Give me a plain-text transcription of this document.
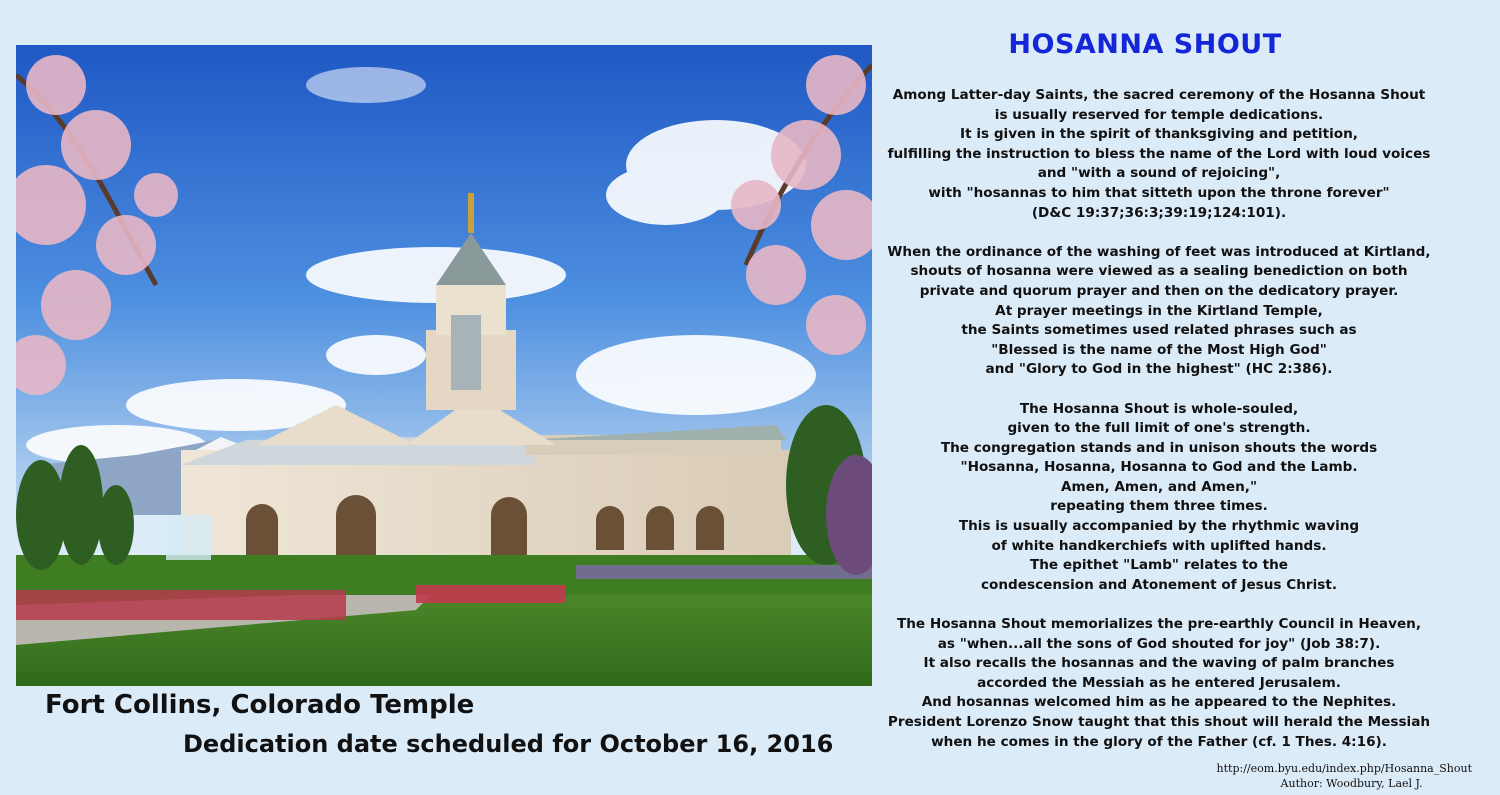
Fort Collins, Colorado Temple
Dedication date scheduled for October 16, 2016
HOSANNA SHOUT
Among Latter-day Saints, the sacred ceremony of the Hosanna Shout
is usually reserved for temple dedications.
It is given in the spirit of thanksgiving and petition,
fulfilling the instruction to bless the name of the Lord with loud voices
and "with a sound of rejoicing",
with "hosannas to him that sitteth upon the throne forever"
(D&C 19:37;36:3;39:19;124:101).
When the ordinance of the washing of feet was introduced at Kirtland,
shouts of hosanna were viewed as a sealing benediction on both
private and quorum prayer and then on the dedicatory prayer.
At prayer meetings in the Kirtland Temple,
the Saints sometimes used related phrases such as
"Blessed is the name of the Most High God"
and "Glory to God in the highest" (HC 2:386).
The Hosanna Shout is whole-souled,
given to the full limit of one's strength.
The congregation stands and in unison shouts the words
"Hosanna, Hosanna, Hosanna to God and the Lamb.
Amen, Amen, and Amen,"
repeating them three times.
This is usually accompanied by the rhythmic waving
of white handkerchiefs with uplifted hands.
The epithet "Lamb" relates to the
condescension and Atonement of Jesus Christ.
The Hosanna Shout memorializes the pre-earthly Council in Heaven,
as "when...all the sons of God shouted for joy" (Job 38:7).
It also recalls the hosannas and the waving of palm branches
accorded the Messiah as he entered Jerusalem.
And hosannas welcomed him as he appeared to the Nephites.
President Lorenzo Snow taught that this shout will herald the Messiah
when he comes in the glory of the Father (cf. 1 Thes. 4:16).
http://eom.byu.edu/index.php/Hosanna_Shout
Author: Woodbury, Lael J.
